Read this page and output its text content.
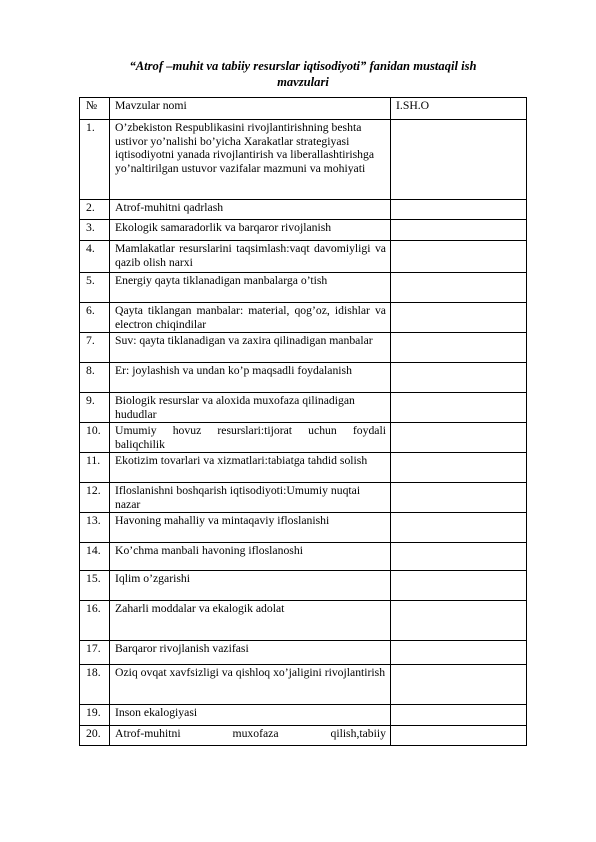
“Atrof –muhit va tabiiy resurslar iqtisodiyoti” fanidan mustaqil ish
mavzulari
№	Mavzular nomi	I.SH.O
1.	O’zbekiston Respublikasini rivojlantirishning beshta ustivor yo’nalishi bo’yicha Xarakatlar strategiyasi iqtisodiyotni yanada rivojlantirish va liberallashtirishga yo’naltirilgan ustuvor vazifalar mazmuni va mohiyati	
2.	Atrof-muhitni qadrlash	
3.	Ekologik samaradorlik va barqaror rivojlanish	
4.	Mamlakatlar resurslarini taqsimlash:vaqt davomiyligi va qazib olish narxi	
5.	Energiy qayta tiklanadigan manbalarga o’tish	
6.	Qayta tiklangan manbalar: material, qog’oz, idishlar va electron chiqindilar	
7.	Suv: qayta tiklanadigan va zaxira qilinadigan manbalar	
8.	Er: joylashish va undan ko’p maqsadli foydalanish	
9.	Biologik resurslar va aloxida muxofaza qilinadigan hududlar	
10.	Umumiy hovuz resurslari:tijorat uchun foydali baliqchilik	
11.	Ekotizim tovarlari va xizmatlari:tabiatga tahdid solish	
12.	Ifloslanishni boshqarish iqtisodiyoti:Umumiy nuqtai nazar	
13.	Havoning mahalliy va mintaqaviy ifloslanishi	
14.	Ko’chma manbali havoning ifloslanoshi	
15.	Iqlim o’zgarishi	
16.	Zaharli moddalar va ekalogik adolat	
17.	Barqaror rivojlanish vazifasi	
18.	Oziq ovqat xavfsizligi va qishloq xo’jaligini rivojlantirish	
19.	Inson ekalogiyasi	
20.	Atrof-muhitni muxofaza qilish,tabiiy	
